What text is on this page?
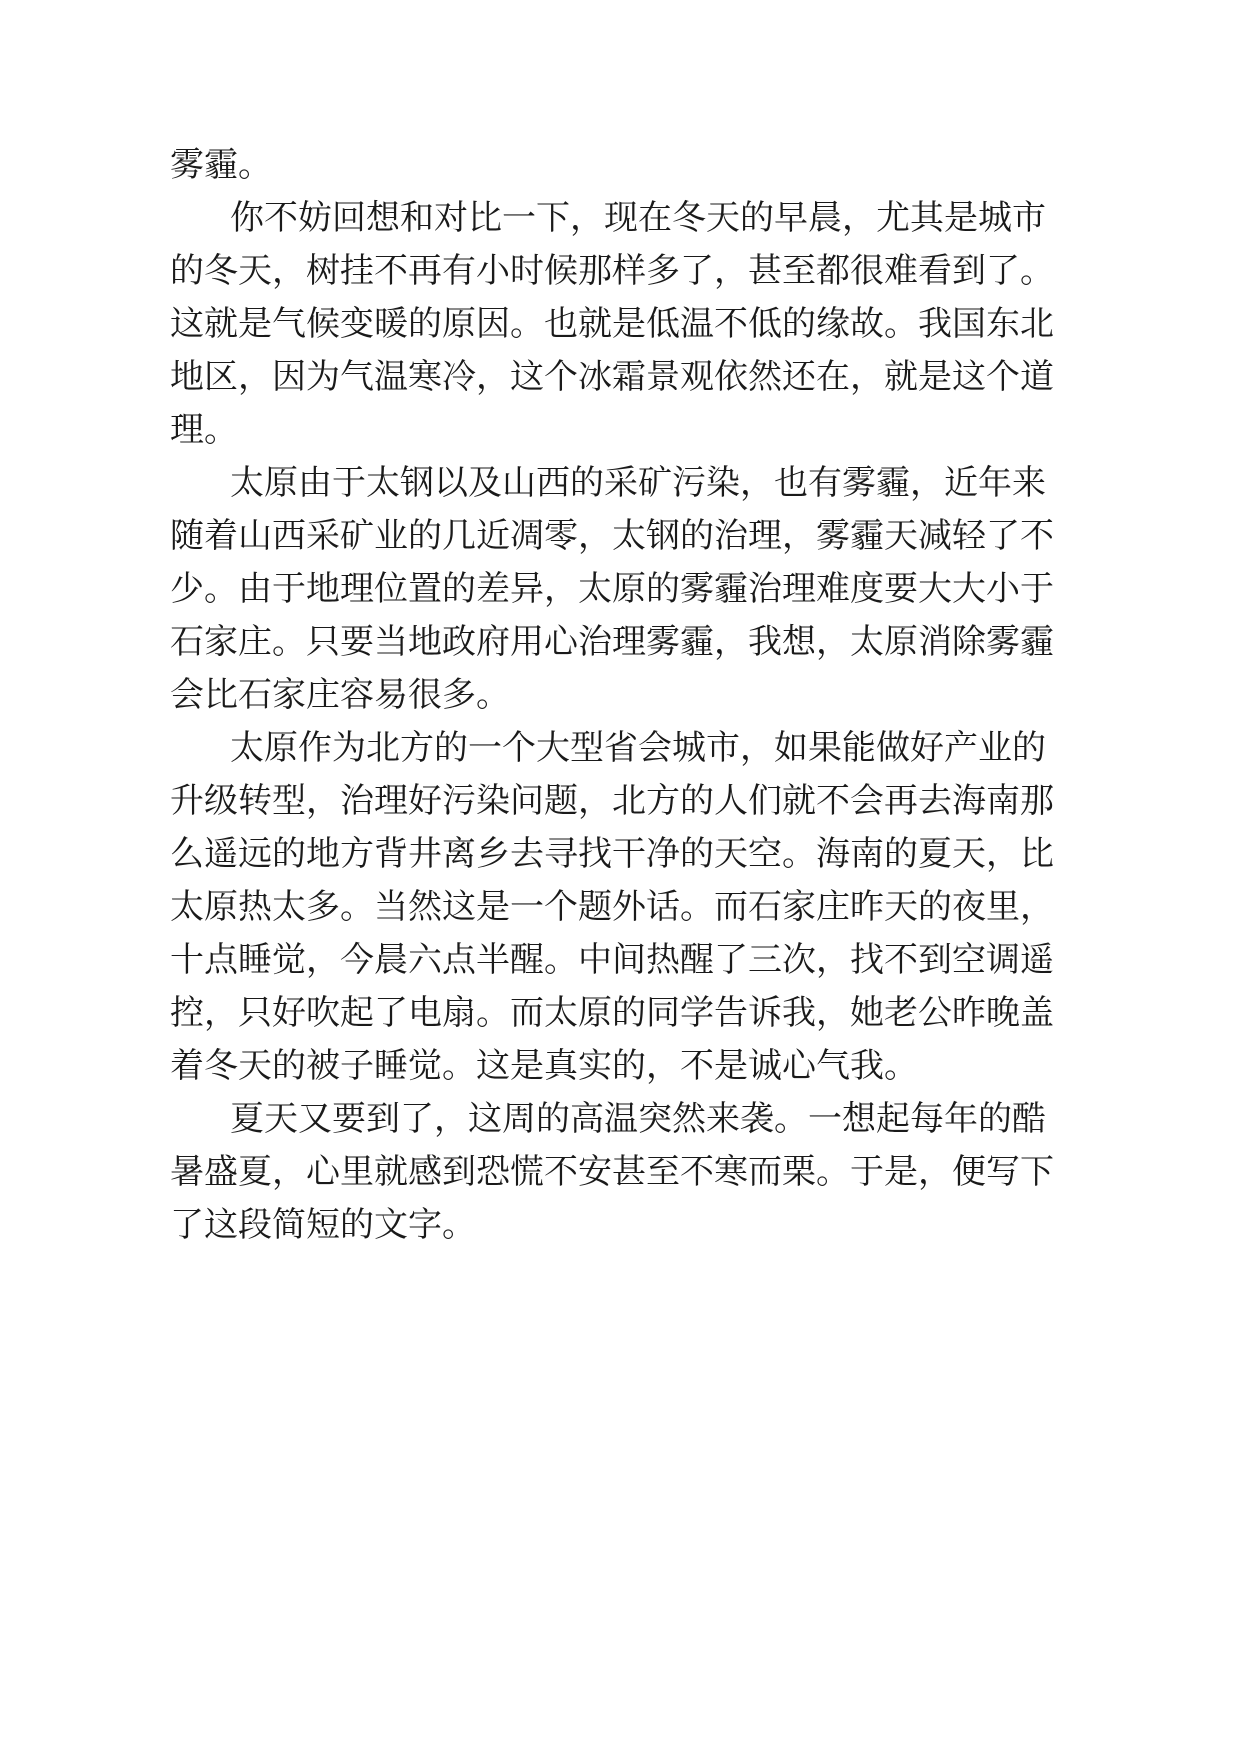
雾霾。
你不妨回想和对比一下，现在冬天的早晨，尤其是城市
的冬天，树挂不再有小时候那样多了，甚至都很难看到了。
这就是气候变暖的原因。也就是低温不低的缘故。我国东北
地区，因为气温寒冷，这个冰霜景观依然还在，就是这个道
理。
太原由于太钢以及山西的采矿污染，也有雾霾，近年来
随着山西采矿业的几近凋零，太钢的治理，雾霾天减轻了不
少。由于地理位置的差异，太原的雾霾治理难度要大大小于
石家庄。只要当地政府用心治理雾霾，我想，太原消除雾霾
会比石家庄容易很多。
太原作为北方的一个大型省会城市，如果能做好产业的
升级转型，治理好污染问题，北方的人们就不会再去海南那
么遥远的地方背井离乡去寻找干净的天空。海南的夏天，比
太原热太多。当然这是一个题外话。而石家庄昨天的夜里，
十点睡觉，今晨六点半醒。中间热醒了三次，找不到空调遥
控，只好吹起了电扇。而太原的同学告诉我，她老公昨晚盖
着冬天的被子睡觉。这是真实的，不是诚心气我。
夏天又要到了，这周的高温突然来袭。一想起每年的酷
暑盛夏，心里就感到恐慌不安甚至不寒而栗。于是，便写下
了这段简短的文字。
